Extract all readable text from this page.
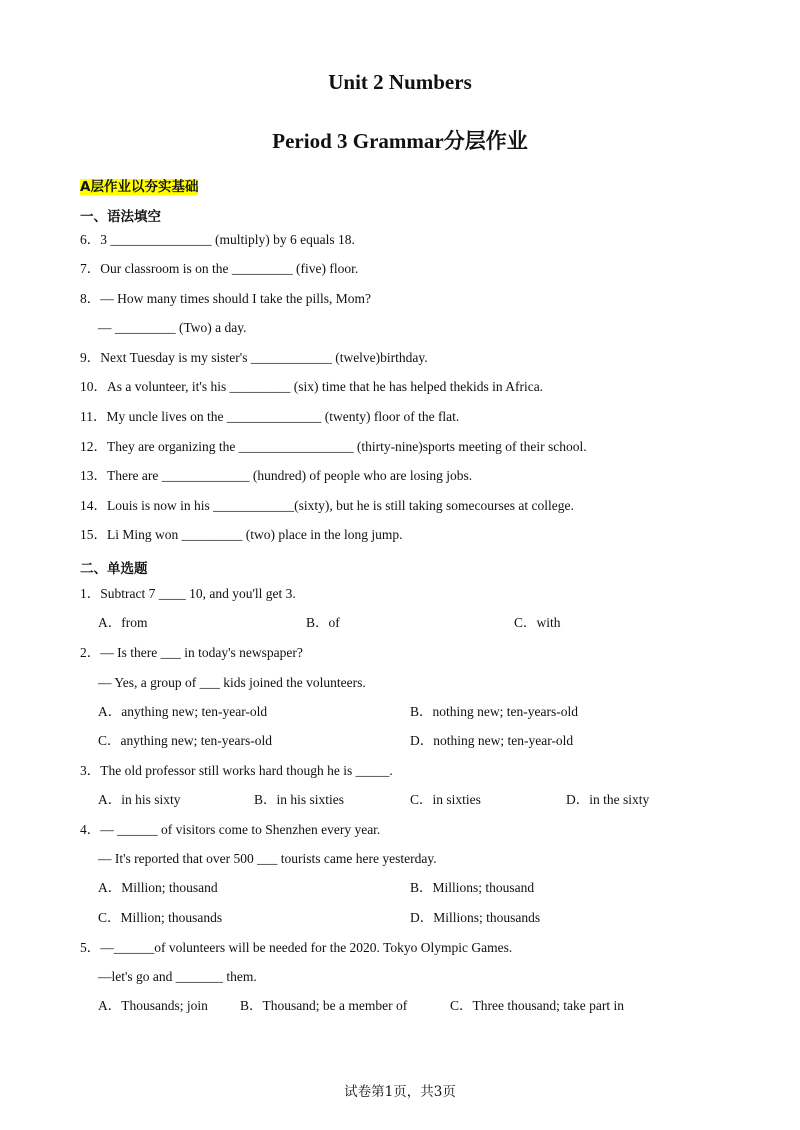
Unit 2 Numbers
Period 3 Grammar分层作业
A层作业以夯实基础
一、语法填空
6．3 _______________ (multiply) by 6 equals 18.
7．Our classroom is on the _________ (five) floor.
8．— How many times should I take the pills, Mom?
— _________ (Two) a day.
9．Next Tuesday is my sister's ____________ (twelve)birthday.
10．As a volunteer, it's his _________ (six) time that he has helped thekids in Africa.
11．My uncle lives on the ______________ (twenty) floor of the flat.
12．They are organizing the _________________ (thirty-nine)sports meeting of their school.
13．There are _____________ (hundred) of people who are losing jobs.
14．Louis is now in his ____________(sixty), but he is still taking somecourses at college.
15．Li Ming won _________ (two) place in the long jump.
二、单选题
1．Subtract 7 ____ 10, and you'll get 3.
A．from	B．of	C．with
2．— Is there ___ in today's newspaper?
— Yes, a group of ___ kids joined the volunteers.
A．anything new; ten-year-old	B．nothing new; ten-years-old
C．anything new; ten-years-old	D．nothing new; ten-year-old
3．The old professor still works hard though he is _____.
A．in his sixty	B．in his sixties	C．in sixties	D．in the sixty
4．— ______ of visitors come to Shenzhen every year.
— It's reported that over 500 ___ tourists came here yesterday.
A．Million; thousand	B．Millions; thousand
C．Million; thousands	D．Millions; thousands
5．—______of volunteers will be needed for the 2020. Tokyo Olympic Games.
—let's go and _______ them.
A．Thousands; join B．Thousand; be a member of	C．Three thousand; take part in
试卷第1页，共3页
